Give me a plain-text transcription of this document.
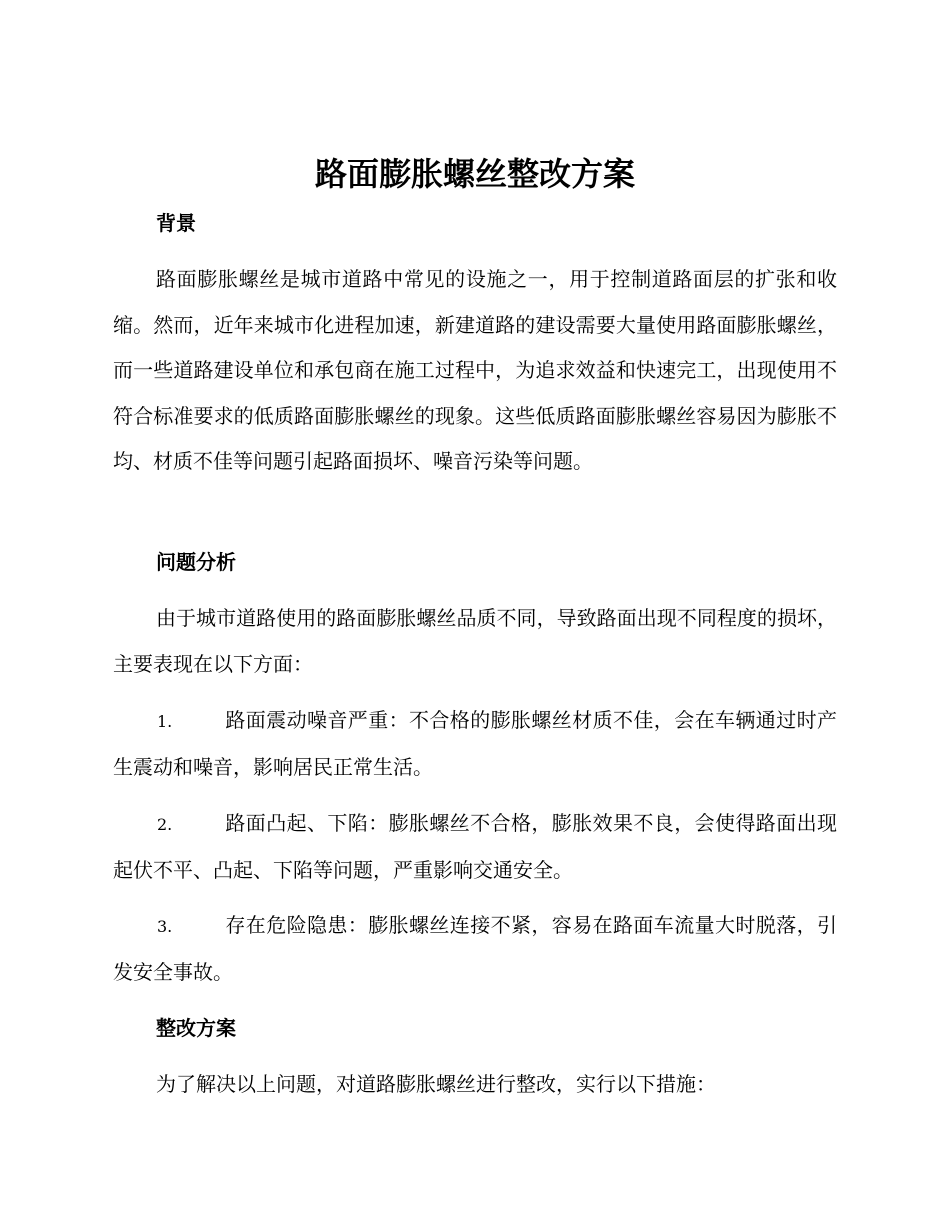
路面膨胀螺丝整改方案
背景

路面膨胀螺丝是城市道路中常见的设施之一，用于控制道路面层的扩张和收缩。然而，近年来城市化进程加速，新建道路的建设需要大量使用路面膨胀螺丝，而一些道路建设单位和承包商在施工过程中，为追求效益和快速完工，出现使用不符合标准要求的低质路面膨胀螺丝的现象。这些低质路面膨胀螺丝容易因为膨胀不均、材质不佳等问题引起路面损坏、噪音污染等问题。

问题分析

由于城市道路使用的路面膨胀螺丝品质不同，导致路面出现不同程度的损坏，主要表现在以下方面：

1.	路面震动噪音严重：不合格的膨胀螺丝材质不佳，会在车辆通过时产生震动和噪音，影响居民正常生活。

2.	路面凸起、下陷：膨胀螺丝不合格，膨胀效果不良，会使得路面出现起伏不平、凸起、下陷等问题，严重影响交通安全。

3.	存在危险隐患：膨胀螺丝连接不紧，容易在路面车流量大时脱落，引发安全事故。

整改方案

为了解决以上问题，对道路膨胀螺丝进行整改，实行以下措施：
